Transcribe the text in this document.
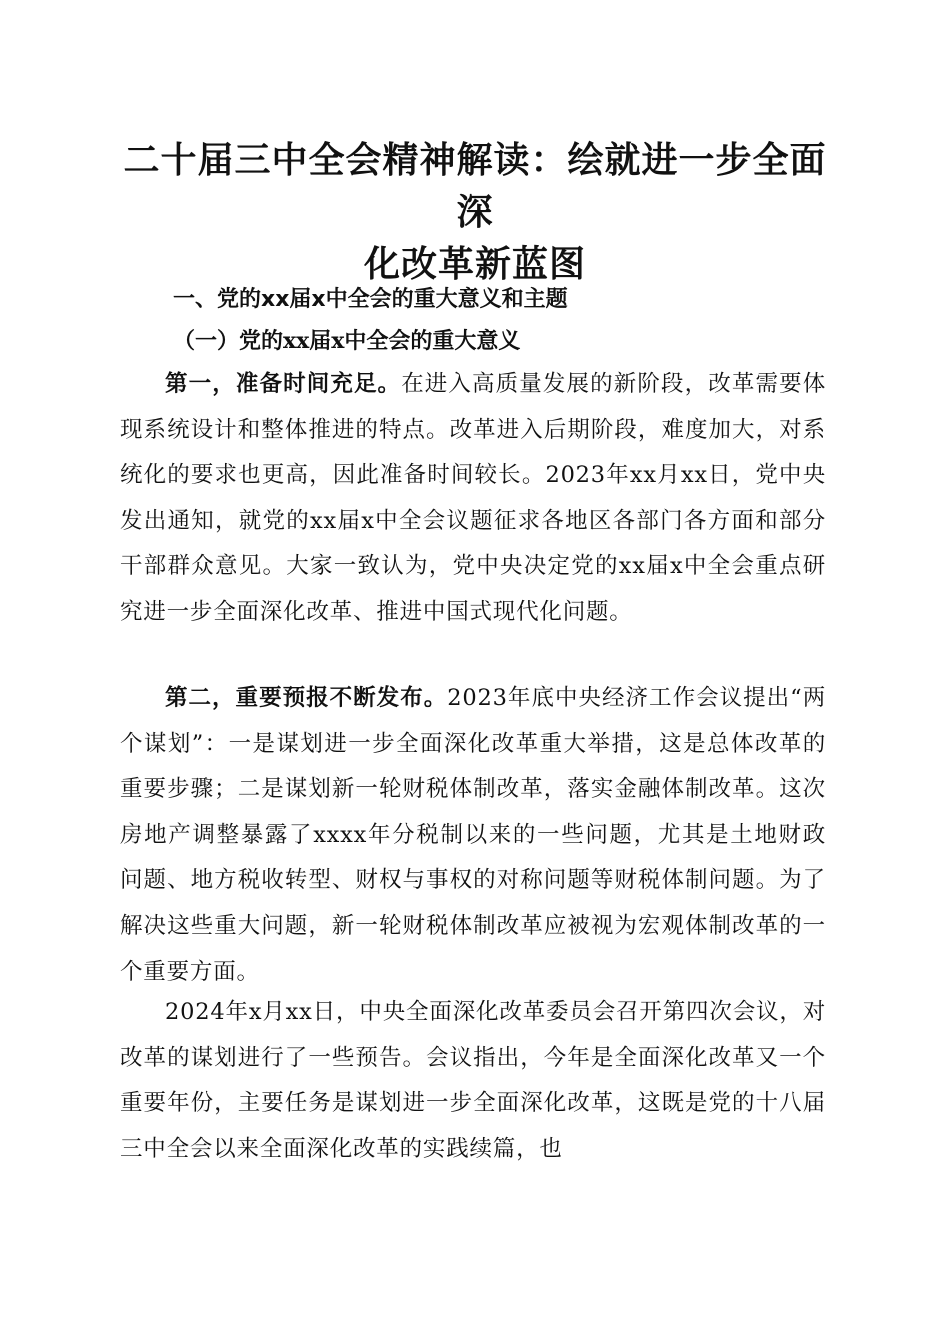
二十届三中全会精神解读：绘就进一步全面深
化改革新蓝图
一、党的xx届x中全会的重大意义和主题
（一）党的xx届x中全会的重大意义

第一，准备时间充足。在进入高质量发展的新阶段，改革需要体现系统设计和整体推进的特点。改革进入后期阶段，难度加大，对系统化的要求也更高，因此准备时间较长。2023年xx月xx日，党中央发出通知，就党的xx届x中全会议题征求各地区各部门各方面和部分干部群众意见。大家一致认为，党中央决定党的xx届x中全会重点研究进一步全面深化改革、推进中国式现代化问题。

第二，重要预报不断发布。2023年底中央经济工作会议提出“两个谋划”：一是谋划进一步全面深化改革重大举措，这是总体改革的重要步骤；二是谋划新一轮财税体制改革，落实金融体制改革。这次房地产调整暴露了xxxx年分税制以来的一些问题，尤其是土地财政问题、地方税收转型、财权与事权的对称问题等财税体制问题。为了解决这些重大问题，新一轮财税体制改革应被视为宏观体制改革的一个重要方面。

2024年x月xx日，中央全面深化改革委员会召开第四次会议，对改革的谋划进行了一些预告。会议指出，今年是全面深化改革又一个重要年份，主要任务是谋划进一步全面深化改革，这既是党的十八届三中全会以来全面深化改革的实践续篇，也
